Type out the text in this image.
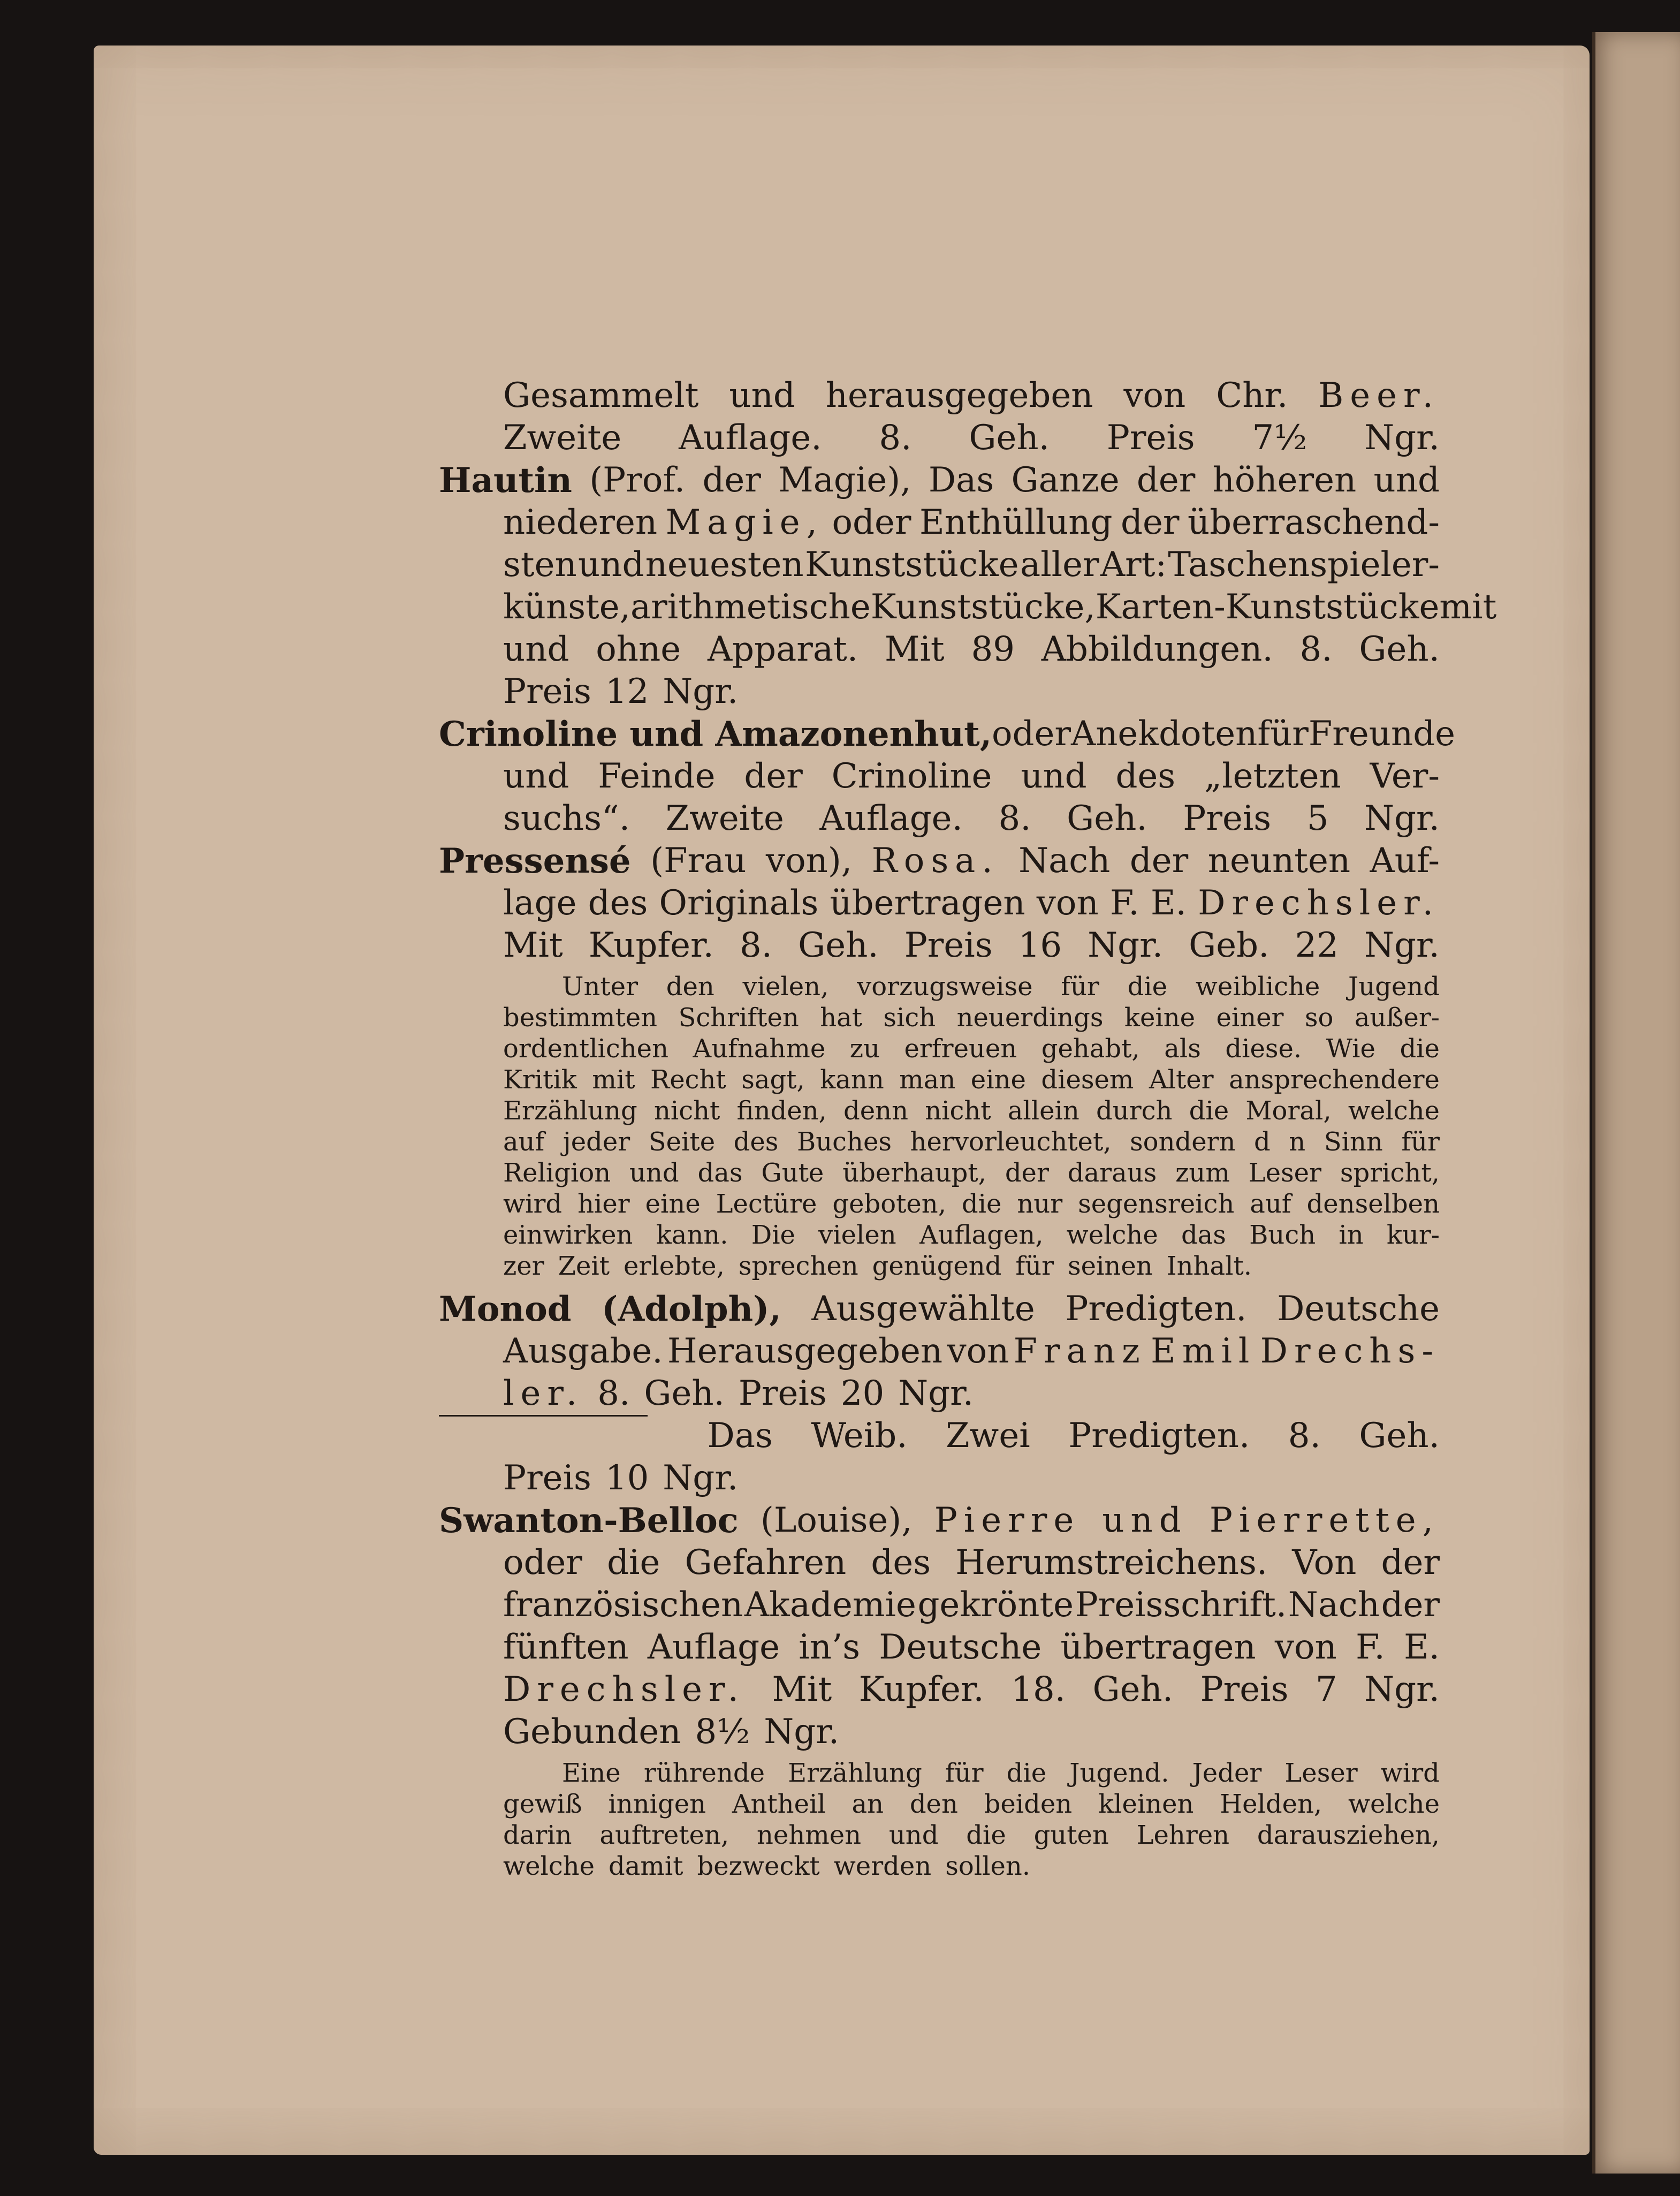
Gesammelt und herausgegeben von Chr. Beer.
Zweite Auflage. 8. Geh. Preis 7½ Ngr.
Hautin (Prof. der Magie), Das Ganze der höheren und
niederen Magie, oder Enthüllung der überraschend-
sten und neuesten Kunststücke aller Art: Taschenspieler-
künste, arithmetische Kunststücke, Karten-Kunststücke mit
und ohne Apparat. Mit 89 Abbildungen. 8. Geh.
Preis 12 Ngr.
Crinoline und Amazonenhut, oder Anekdoten für Freunde
und Feinde der Crinoline und des „letzten Ver-
suchs“. Zweite Auflage. 8. Geh. Preis 5 Ngr.
Pressensé (Frau von), Rosa. Nach der neunten Auf-
lage des Originals übertragen von F. E. Drechsler.
Mit Kupfer. 8. Geh. Preis 16 Ngr. Geb. 22 Ngr.
Unter den vielen, vorzugsweise für die weibliche Jugend
bestimmten Schriften hat sich neuerdings keine einer so außer-
ordentlichen Aufnahme zu erfreuen gehabt, als diese. Wie die
Kritik mit Recht sagt, kann man eine diesem Alter ansprechendere
Erzählung nicht finden, denn nicht allein durch die Moral, welche
auf jeder Seite des Buches hervorleuchtet, sondern d n Sinn für
Religion und das Gute überhaupt, der daraus zum Leser spricht,
wird hier eine Lectüre geboten, die nur segensreich auf denselben
einwirken kann. Die vielen Auflagen, welche das Buch in kur-
zer Zeit erlebte, sprechen genügend für seinen Inhalt.
Monod (Adolph), Ausgewählte Predigten. Deutsche
Ausgabe. Herausgegeben von Franz Emil Drechs-
ler. 8. Geh. Preis 20 Ngr.
Das Weib. Zwei Predigten. 8. Geh.
Preis 10 Ngr.
Swanton-Belloc (Louise), Pierre und Pierrette,
oder die Gefahren des Herumstreichens. Von der
französischen Akademie gekrönte Preisschrift. Nach der
fünften Auflage in’s Deutsche übertragen von F. E.
Drechsler. Mit Kupfer. 18. Geh. Preis 7 Ngr.
Gebunden 8½ Ngr.
Eine rührende Erzählung für die Jugend. Jeder Leser wird
gewiß innigen Antheil an den beiden kleinen Helden, welche
darin auftreten, nehmen und die guten Lehren darausziehen,
welche damit bezweckt werden sollen.
